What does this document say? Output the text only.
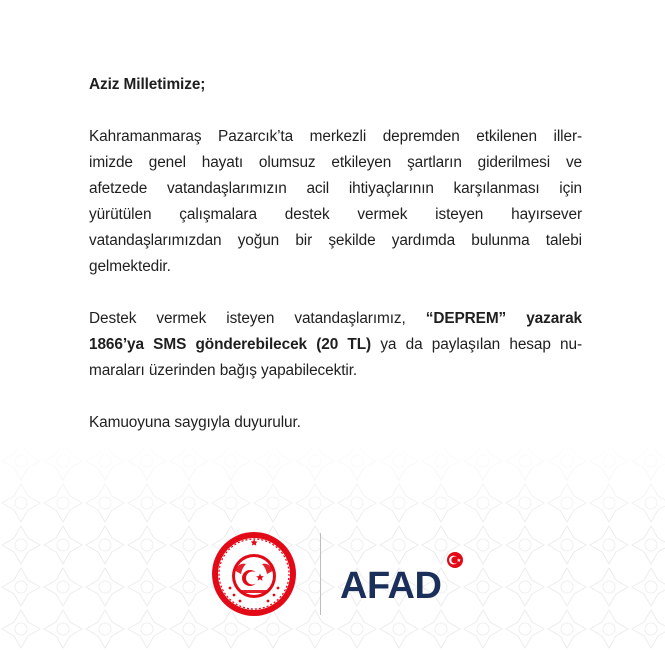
Aziz Milletimize;
Kahramanmaraş Pazarcık’ta merkezli depremden etkilenen iller-
imizde genel hayatı olumsuz etkileyen şartların giderilmesi ve
afetzede vatandaşlarımızın acil ihtiyaçlarının karşılanması için
yürütülen çalışmalara destek vermek isteyen hayırsever
vatandaşlarımızdan yoğun bir şekilde yardımda bulunma talebi
gelmektedir.
Destek vermek isteyen vatandaşlarımız, “DEPREM” yazarak
1866’ya SMS gönderebilecek (20 TL) ya da paylaşılan hesap nu-
maraları üzerinden bağış yapabilecektir.
Kamuoyuna saygıyla duyurulur.
AFAD
